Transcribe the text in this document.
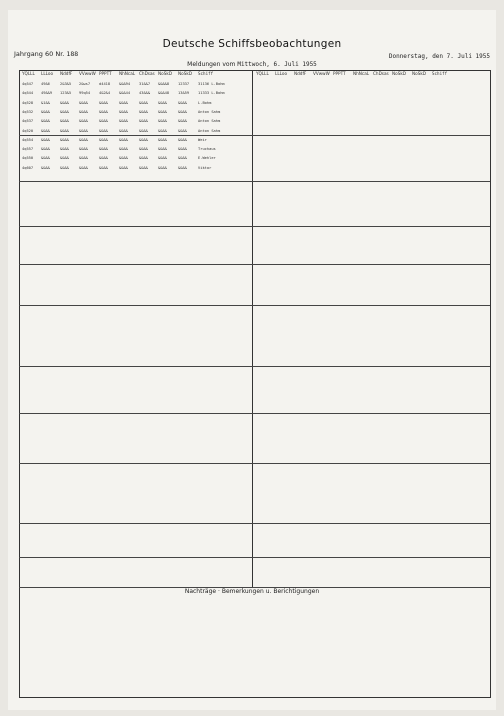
Jahrgang 60 Nr. 188
Deutsche Schiffsbeobachtungen
Donnerstag, den 7. Juli 1955
Meldungen vom Mittwoch, 6. Juli 1955
YQLLL LLLoo NddfF VVwwW PPPTT NhNcaL ChDsas NoSkD NoSkD Schiff	YQLLL LLLoo NddfF VVwwW PPPTT NhNcaL ChDsas NoSkD NoSkD Schiff
4q547 49&6	2&3&5 2&ws7 d4418 &&&94 31&&7 &&&&8 12337 31136 L.Bohm
4q544 49&&9 123&5 99q54 4&2&4 &&&44 43&&& &&&48 13&59 11333 L.Bohm
4q528 &1&&	&&&&	&&&&	&&&&	&&&&	&&&&	&&&&	&&&&	L.Bohm
4q532 &&&&	&&&&	&&&&	&&&&	&&&&	&&&&	&&&&	&&&&	Anton Sahm
4q537 &&&&	&&&&	&&&&	&&&&	&&&&	&&&&	&&&&	&&&&	Anton Sahm
4q520 &&&&	&&&&	&&&&	&&&&	&&&&	&&&&	&&&&	&&&&	Anton Sahm
4q554 &&&&	&&&&	&&&&	&&&&	&&&&	&&&&	&&&&	&&&&	Weir
4q557 &&&&	&&&&	&&&&	&&&&	&&&&	&&&&	&&&&	&&&&	Truchaus
4q550 &&&&	&&&&	&&&&	&&&&	&&&&	&&&&	&&&&	&&&&	E.Wehler
4q607 &&&&	&&&&	&&&&	&&&&	&&&&	&&&&	&&&&	&&&&	Viktor
Nachträge · Bemerkungen u. Berichtigungen
